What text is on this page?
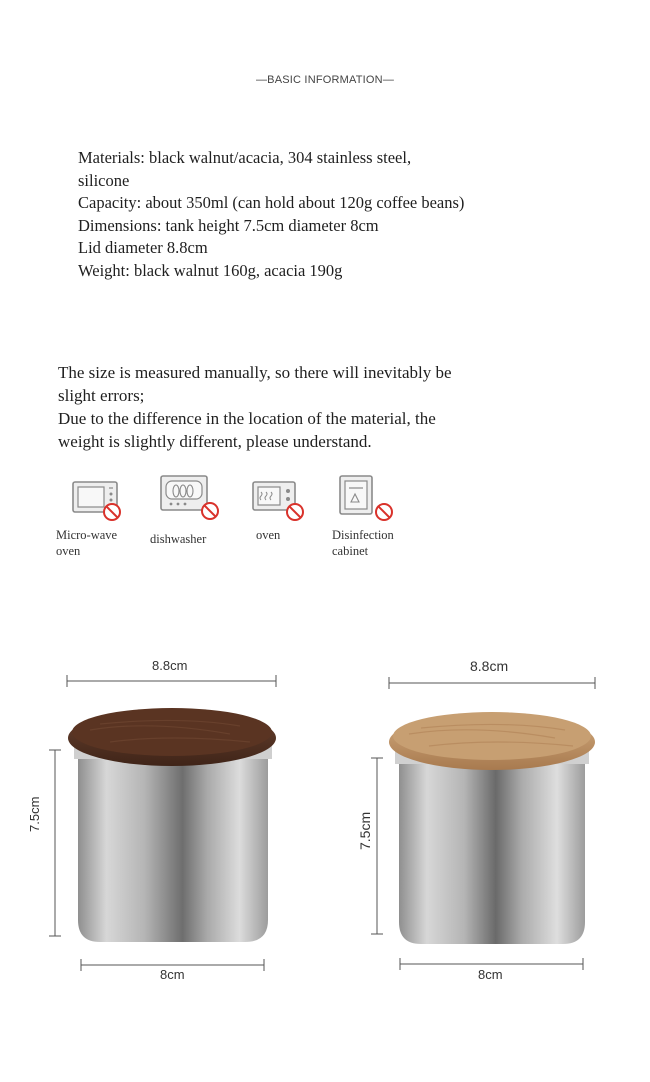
—BASIC INFORMATION—
Materials: black walnut/acacia, 304 stainless steel,
silicone
Capacity: about 350ml (can hold about 120g coffee beans)
Dimensions: tank height 7.5cm diameter 8cm
Lid diameter 8.8cm
Weight: black walnut 160g, acacia 190g
The size is measured manually, so there will inevitably be
slight errors;
Due to the difference in the location of the material, the
weight is slightly different, please understand.
Micro-wave
oven
dishwasher	oven	Disinfection
cabinet
8.8cm
7.5cm
8cm
8.8cm
7.5cm
8cm
